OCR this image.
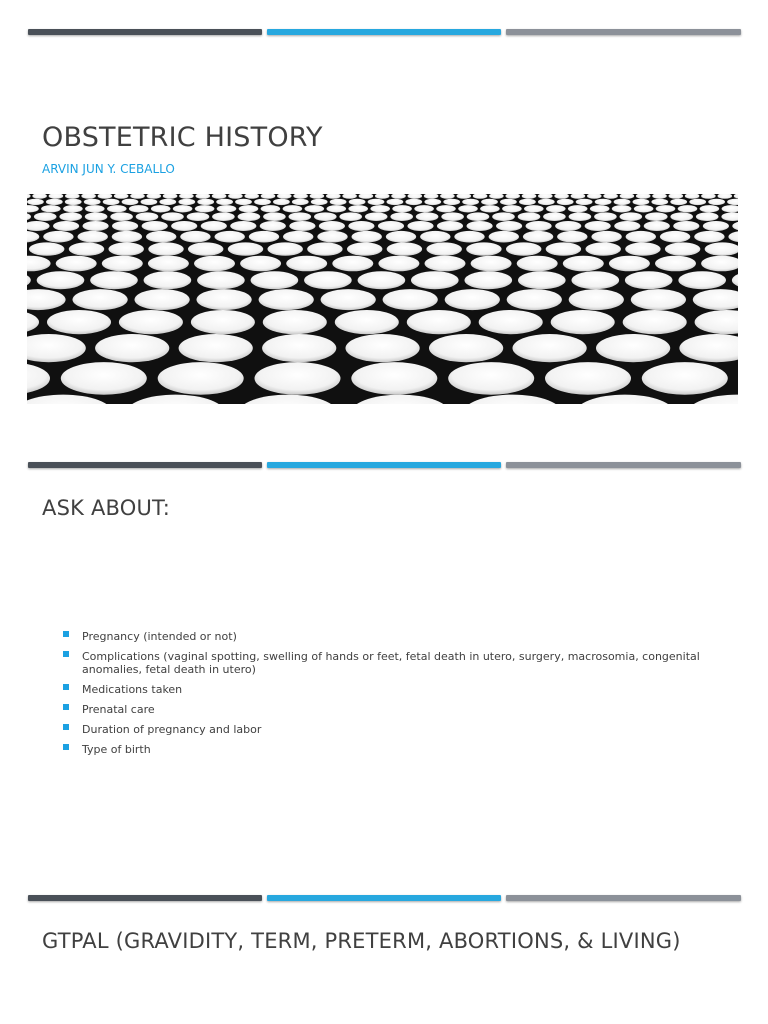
OBSTETRIC HISTORY
ARVIN JUN Y. CEBALLO
ASK ABOUT:
Pregnancy (intended or not)
Complications (vaginal spotting, swelling of hands or feet, fetal death in utero, surgery, macrosomia, congenital anomalies, fetal death in utero)
Medications taken
Prenatal care
Duration of pregnancy and labor
Type of birth
GTPAL (GRAVIDITY, TERM, PRETERM, ABORTIONS, & LIVING)
